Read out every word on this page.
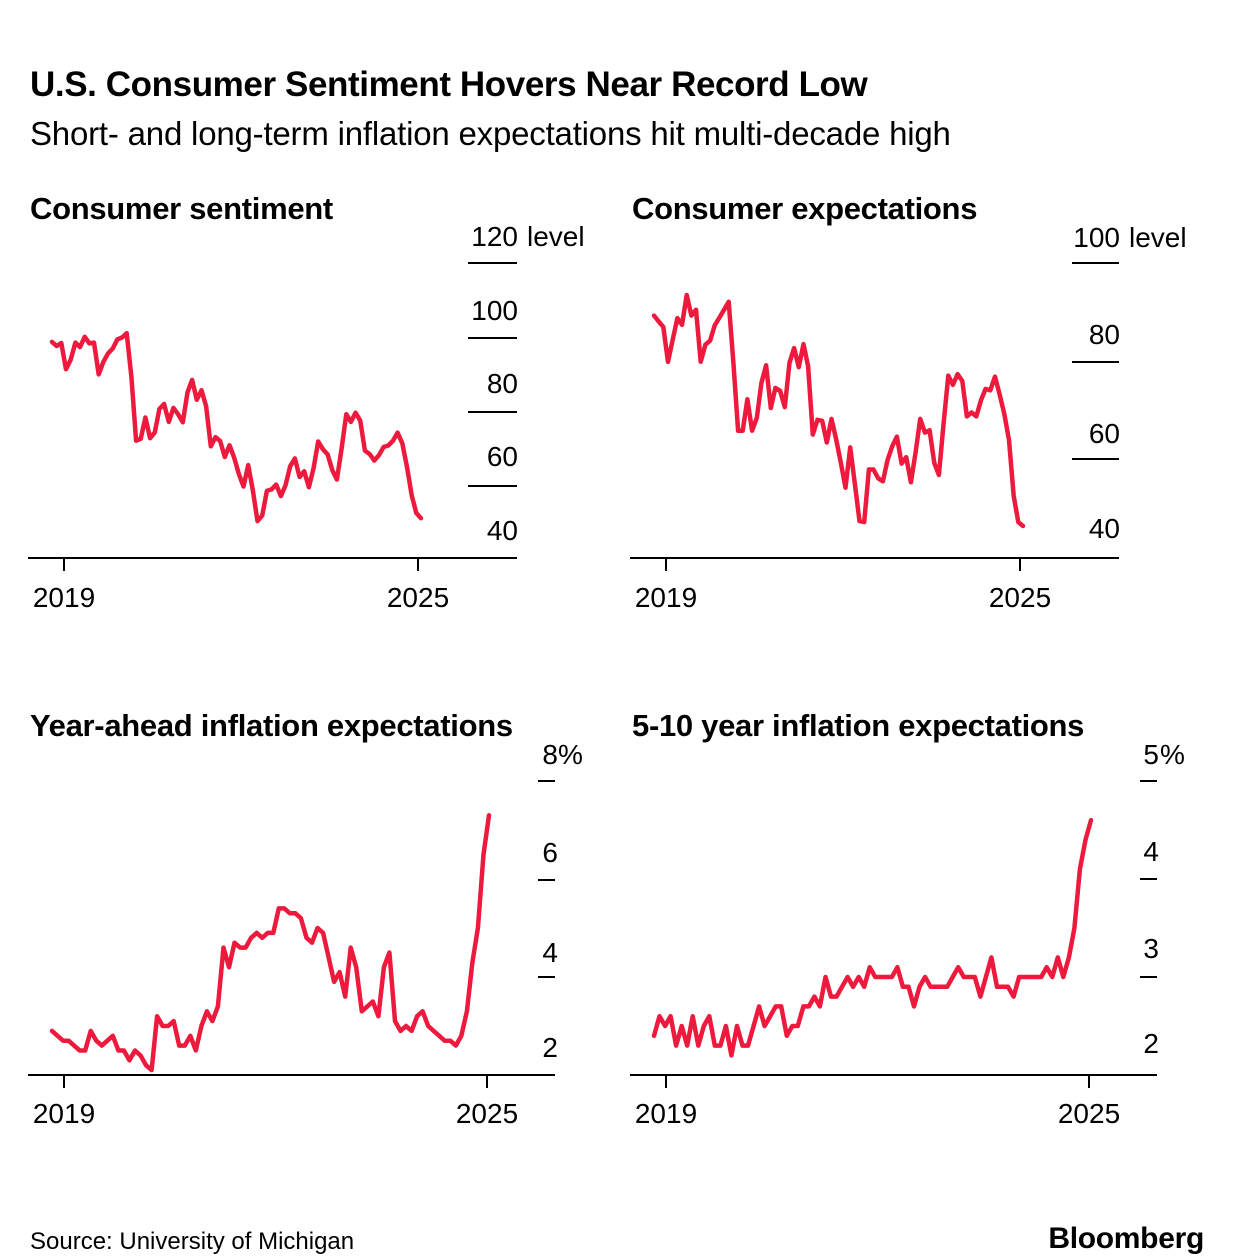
U.S. Consumer Sentiment Hovers Near Record Low

Short- and long-term inflation expectations hit multi-decade high

Consumer sentiment	Consumer expectations
Year-ahead inflation expectations	5-10 year inflation expectations
120 level
100
80
60
40
100 level
80
60
40
8 %
6
4
2
5 %
4
3
2
2019	2025	2019	2025
2019	2025	2019	2025
Source: University of Michigan	Bloomberg
